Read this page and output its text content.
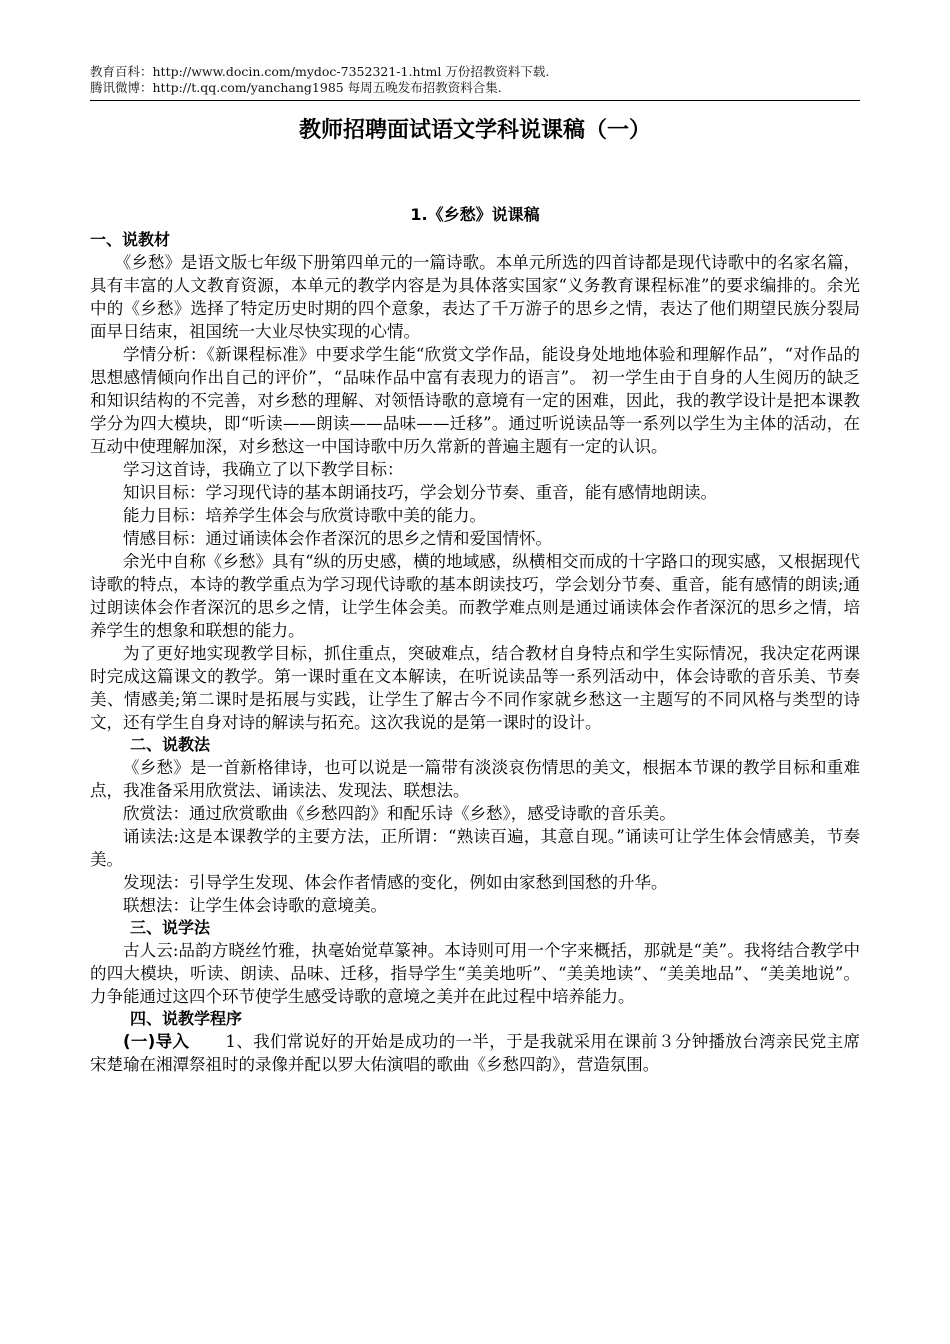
教育百科：http://www.docin.com/mydoc-7352321-1.html 万份招教资料下载.
腾讯微博：http://t.qq.com/yanchang1985 每周五晚发布招教资料合集.
教师招聘面试语文学科说课稿（一）
1.《乡愁》说课稿
一、说教材

《乡愁》是语文版七年级下册第四单元的一篇诗歌。本单元所选的四首诗都是现代诗歌中的名家名篇，具有丰富的人文教育资源，本单元的教学内容是为具体落实国家“义务教育课程标准”的要求编排的。余光中的《乡愁》选择了特定历史时期的四个意象，表达了千万游子的思乡之情，表达了他们期望民族分裂局面早日结束，祖国统一大业尽快实现的心情。

学情分析：《新课程标准》中要求学生能“欣赏文学作品，能设身处地地体验和理解作品”，“对作品的思想感情倾向作出自己的评价”，“品味作品中富有表现力的语言”。 初一学生由于自身的人生阅历的缺乏和知识结构的不完善，对乡愁的理解、对领悟诗歌的意境有一定的困难，因此，我的教学设计是把本课教学分为四大模块，即“听读——朗读——品味——迁移”。通过听说读品等一系列以学生为主体的活动，在互动中使理解加深，对乡愁这一中国诗歌中历久常新的普遍主题有一定的认识。

学习这首诗，我确立了以下教学目标：

知识目标：学习现代诗的基本朗诵技巧，学会划分节奏、重音，能有感情地朗读。

能力目标：培养学生体会与欣赏诗歌中美的能力。

情感目标：通过诵读体会作者深沉的思乡之情和爱国情怀。

余光中自称《乡愁》具有“纵的历史感，横的地域感，纵横相交而成的十字路口的现实感，又根据现代诗歌的特点，本诗的教学重点为学习现代诗歌的基本朗读技巧，学会划分节奏、重音，能有感情的朗读;通过朗读体会作者深沉的思乡之情，让学生体会美。而教学难点则是通过诵读体会作者深沉的思乡之情，培养学生的想象和联想的能力。

为了更好地实现教学目标，抓住重点，突破难点，结合教材自身特点和学生实际情况，我决定花两课时完成这篇课文的教学。第一课时重在文本解读，在听说读品等一系列活动中，体会诗歌的音乐美、节奏美、情感美;第二课时是拓展与实践，让学生了解古今不同作家就乡愁这一主题写的不同风格与类型的诗文，还有学生自身对诗的解读与拓充。这次我说的是第一课时的设计。

二、说教法

《乡愁》是一首新格律诗，也可以说是一篇带有淡淡哀伤情思的美文，根据本节课的教学目标和重难点，我准备采用欣赏法、诵读法、发现法、联想法。

欣赏法：通过欣赏歌曲《乡愁四韵》和配乐诗《乡愁》，感受诗歌的音乐美。

诵读法:这是本课教学的主要方法，正所谓：“熟读百遍，其意自现。”诵读可让学生体会情感美，节奏美。

发现法：引导学生发现、体会作者情感的变化，例如由家愁到国愁的升华。

联想法：让学生体会诗歌的意境美。

三、说学法

古人云:品韵方晓丝竹雅，执毫始觉草篆神。本诗则可用一个字来概括，那就是“美”。我将结合教学中的四大模块，听读、朗读、品味、迁移，指导学生“美美地听”、“美美地读”、“美美地品”、“美美地说”。 力争能通过这四个环节使学生感受诗歌的意境之美并在此过程中培养能力。

四、说教学程序

(一)导入 1、我们常说好的开始是成功的一半，于是我就采用在课前３分钟播放台湾亲民党主席宋楚瑜在湘潭祭祖时的录像并配以罗大佑演唱的歌曲《乡愁四韵》，营造氛围。
